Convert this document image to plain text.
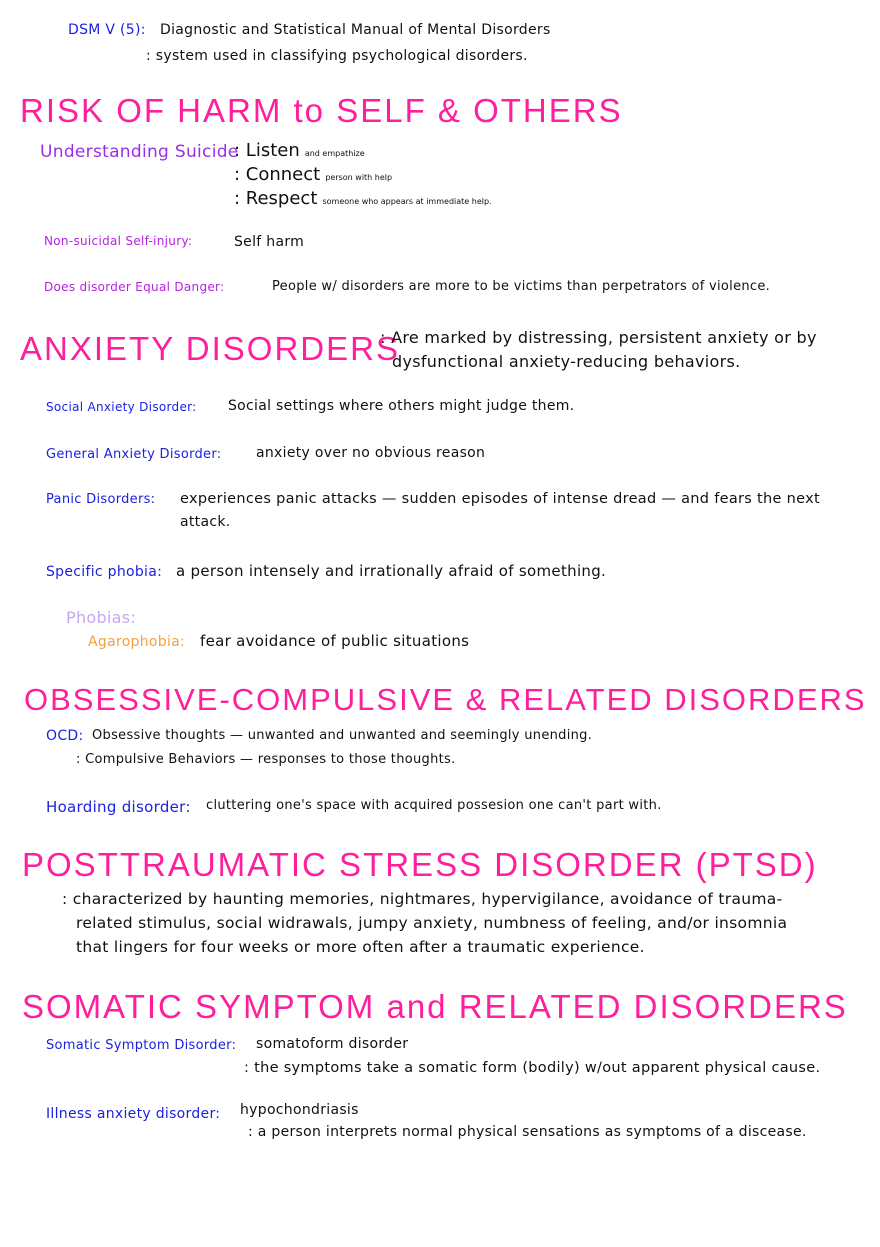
DSM V (5): Diagnostic and Statistical Manual of Mental Disorders
: system used in classifying psychological disorders.
RISK OF HARM to SELF & OTHERS
Understanding Suicide
: Listen and empathize
: Connect person with help
: Respect someone who appears at immediate help.
Non-suicidal Self-injury:	Self harm
Does disorder Equal Danger:	People w/ disorders are more to be victims than perpetrators of violence.
ANXIETY DISORDERS
: Are marked by distressing, persistent anxiety or by
dysfunctional anxiety-reducing behaviors.
Social Anxiety Disorder: Social settings where others might judge them.
General Anxiety Disorder: anxiety over no obvious reason
Panic Disorders: experiences panic attacks — sudden episodes of intense dread — and fears the next
attack.
Specific phobia: a person intensely and irrationally afraid of something.
Phobias:
Agarophobia: fear avoidance of public situations
OBSESSIVE-COMPULSIVE & RELATED DISORDERS
OCD: Obsessive thoughts — unwanted and unwanted and seemingly unending.
: Compulsive Behaviors — responses to those thoughts.
Hoarding disorder: cluttering one's space with acquired possesion one can't part with.
POSTTRAUMATIC STRESS DISORDER (PTSD)
: characterized by haunting memories, nightmares, hypervigilance, avoidance of trauma-
related stimulus, social widrawals, jumpy anxiety, numbness of feeling, and/or insomnia
that lingers for four weeks or more often after a traumatic experience.
SOMATIC SYMPTOM and RELATED DISORDERS
Somatic Symptom Disorder: somatoform disorder
: the symptoms take a somatic form (bodily) w/out apparent physical cause.
Illness anxiety disorder: hypochondriasis
: a person interprets normal physical sensations as symptoms of a discease.
